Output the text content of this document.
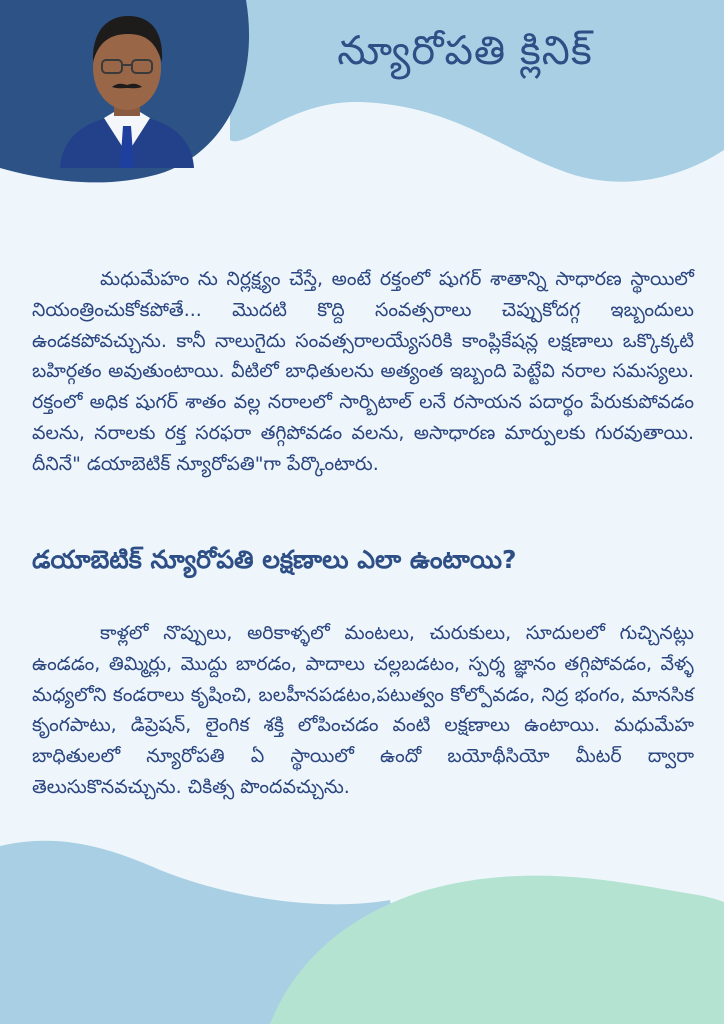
న్యూరోపతి క్లినిక్

మధుమేహం ను నిర్లక్ష్యం చేస్తే, అంటే రక్తంలో షుగర్ శాతాన్ని సాధారణ స్థాయిలో నియంత్రించుకోకపోతే... మొదటి కొద్ది సంవత్సరాలు చెప్పుకోదగ్గ ఇబ్బందులు ఉండకపోవచ్చును. కానీ నాలుగైదు సంవత్సరాలయ్యేసరికి కాంప్లికేషన్ల లక్షణాలు ఒక్కొక్కటి బహిర్గతం అవుతుంటాయి. వీటిలో బాధితులను అత్యంత ఇబ్బంది పెట్టేవి నరాల సమస్యలు. రక్తంలో అధిక షుగర్ శాతం వల్ల నరాలలో సార్బిటాల్ లనే రసాయన పదార్థం పేరుకుపోవడం వలను, నరాలకు రక్త సరఫరా తగ్గిపోవడం వలను, అసాధారణ మార్పులకు గురవుతాయి. దీనినే" డయాబెటిక్ న్యూరోపతి"గా పేర్కొంటారు.

డయాబెటిక్ న్యూరోపతి లక్షణాలు ఎలా ఉంటాయి?

కాళ్లలో నొప్పులు, అరికాళ్ళలో మంటలు, చురుకులు, సూదులలో గుచ్చినట్లు ఉండడం, తిమ్మిర్లు, మొద్దు బారడం, పాదాలు చల్లబడటం, స్పర్శ జ్ఞానం తగ్గిపోవడం, వేళ్ళ మధ్యలోని కండరాలు కృషించి, బలహీనపడటం,పటుత్వం కోల్పోవడం, నిద్ర భంగం, మానసిక కృంగపాటు, డిప్రెషన్, లైంగిక శక్తి లోపించడం వంటి లక్షణాలు ఉంటాయి. మధుమేహ బాధితులలో న్యూరోపతి ఏ స్థాయిలో ఉందో బయోథీసియో మీటర్ ద్వారా తెలుసుకొనవచ్చును. చికిత్స పొందవచ్చును.
